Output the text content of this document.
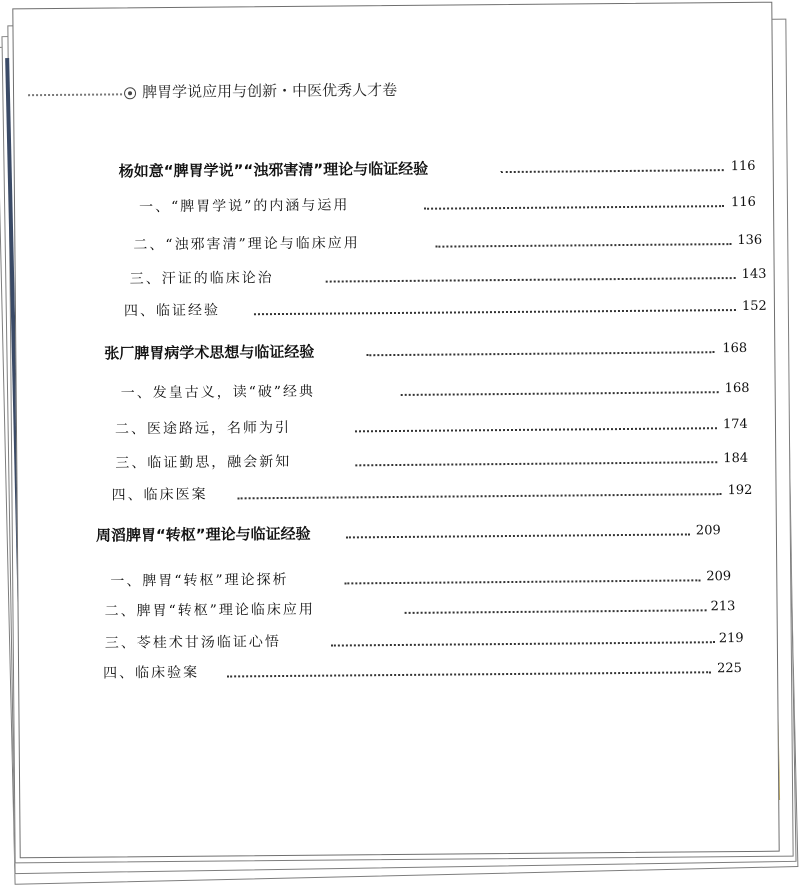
脾胃学说应用与创新・中医优秀人才卷
杨如意“脾胃学说”“浊邪害清”理论与临证经验	116
一、“脾胃学说”的内涵与运用	116
二、“浊邪害清”理论与临床应用	136
三、汗证的临床论治	143
四、临证经验	152
张厂脾胃病学术思想与临证经验	168
一、发皇古义，读“破”经典	168
二、医途路远，名师为引	174
三、临证勤思，融会新知	184
四、临床医案	192
周滔脾胃“转枢”理论与临证经验	209
一、脾胃“转枢”理论探析	209
二、脾胃“转枢”理论临床应用	213
三、苓桂术甘汤临证心悟	219
四、临床验案	225
